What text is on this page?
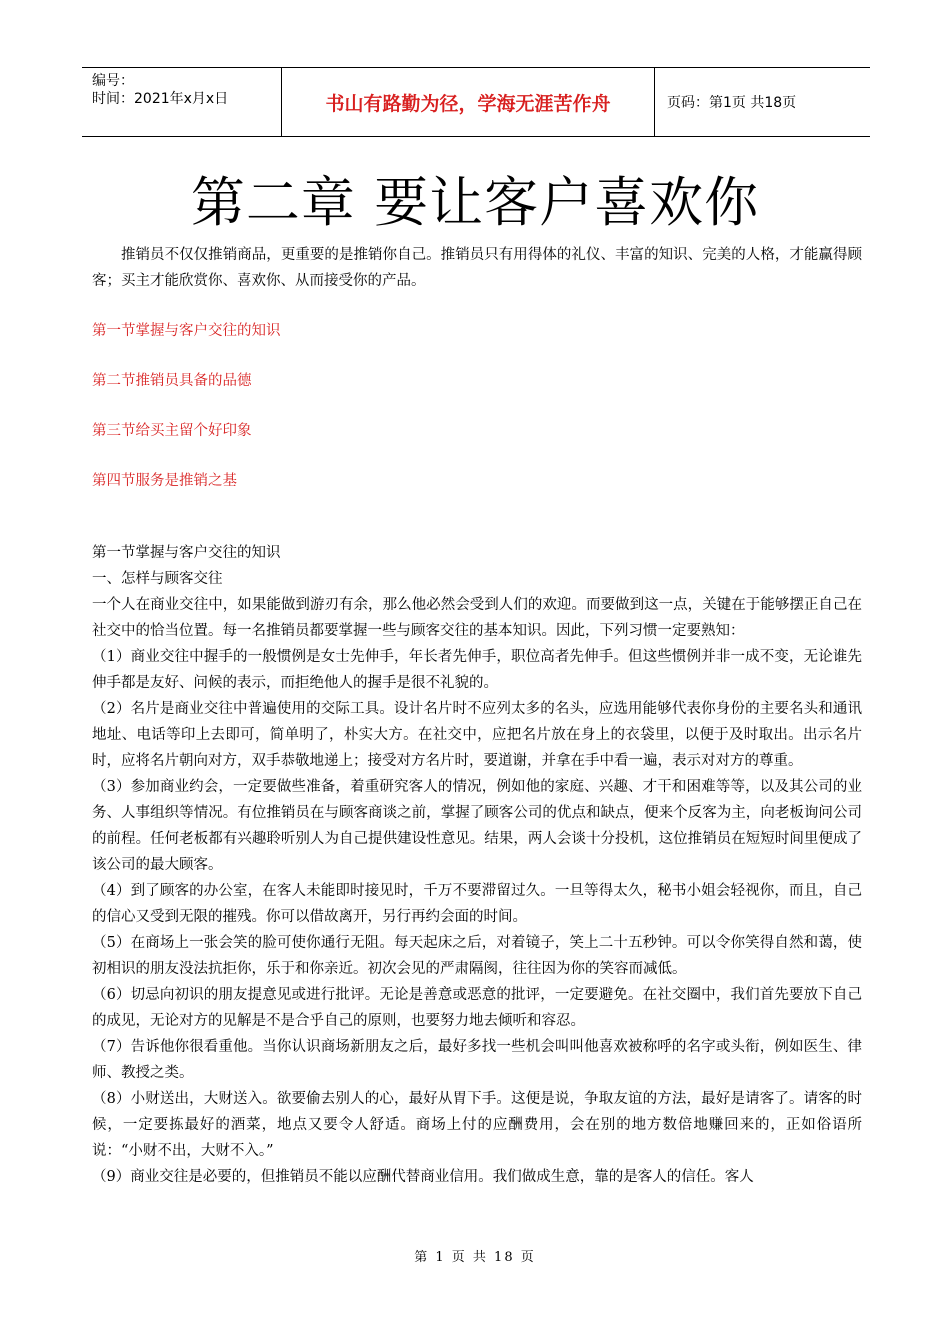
编号：
时间：2021年x月x日	书山有路勤为径，学海无涯苦作舟	页码：第1页 共18页
第二章 要让客户喜欢你
推销员不仅仅推销商品，更重要的是推销你自己。推销员只有用得体的礼仪、丰富的知识、完美的人格，才能赢得顾客；买主才能欣赏你、喜欢你、从而接受你的产品。
第一节掌握与客户交往的知识
第二节推销员具备的品德
第三节给买主留个好印象
第四节服务是推销之基

第一节掌握与客户交往的知识

一、怎样与顾客交往

一个人在商业交往中，如果能做到游刃有余，那么他必然会受到人们的欢迎。而要做到这一点，关键在于能够摆正自己在社交中的恰当位置。每一名推销员都要掌握一些与顾客交往的基本知识。因此，下列习惯一定要熟知：

（1）商业交往中握手的一般惯例是女士先伸手，年长者先伸手，职位高者先伸手。但这些惯例并非一成不变，无论谁先伸手都是友好、问候的表示，而拒绝他人的握手是很不礼貌的。

（2）名片是商业交往中普遍使用的交际工具。设计名片时不应列太多的名头，应选用能够代表你身份的主要名头和通讯地址、电话等印上去即可，简单明了，朴实大方。在社交中，应把名片放在身上的衣袋里，以便于及时取出。出示名片时，应将名片朝向对方，双手恭敬地递上；接受对方名片时，要道谢，并拿在手中看一遍，表示对对方的尊重。

（3）参加商业约会，一定要做些准备，着重研究客人的情况，例如他的家庭、兴趣、才干和困难等等，以及其公司的业务、人事组织等情况。有位推销员在与顾客商谈之前，掌握了顾客公司的优点和缺点，便来个反客为主，向老板询问公司的前程。任何老板都有兴趣聆听别人为自己提供建设性意见。结果，两人会谈十分投机，这位推销员在短短时间里便成了该公司的最大顾客。

（4）到了顾客的办公室，在客人未能即时接见时，千万不要滞留过久。一旦等得太久，秘书小姐会轻视你，而且，自己的信心又受到无限的摧残。你可以借故离开，另行再约会面的时间。

（5）在商场上一张会笑的脸可使你通行无阻。每天起床之后，对着镜子，笑上二十五秒钟。可以令你笑得自然和蔼，使初相识的朋友没法抗拒你，乐于和你亲近。初次会见的严肃隔阂，往往因为你的笑容而减低。

（6）切忌向初识的朋友提意见或进行批评。无论是善意或恶意的批评，一定要避免。在社交圈中，我们首先要放下自己的成见，无论对方的见解是不是合乎自己的原则，也要努力地去倾听和容忍。

（7）告诉他你很看重他。当你认识商场新朋友之后，最好多找一些机会叫叫他喜欢被称呼的名字或头衔，例如医生、律师、教授之类。

（8）小财送出，大财送入。欲要偷去别人的心，最好从胃下手。这便是说，争取友谊的方法，最好是请客了。请客的时候，一定要拣最好的酒菜，地点又要令人舒适。商场上付的应酬费用，会在别的地方数倍地赚回来的，正如俗语所说：“小财不出，大财不入。”

（9）商业交往是必要的，但推销员不能以应酬代替商业信用。我们做成生意，靠的是客人的信任。客人

第 1 页 共 18 页
